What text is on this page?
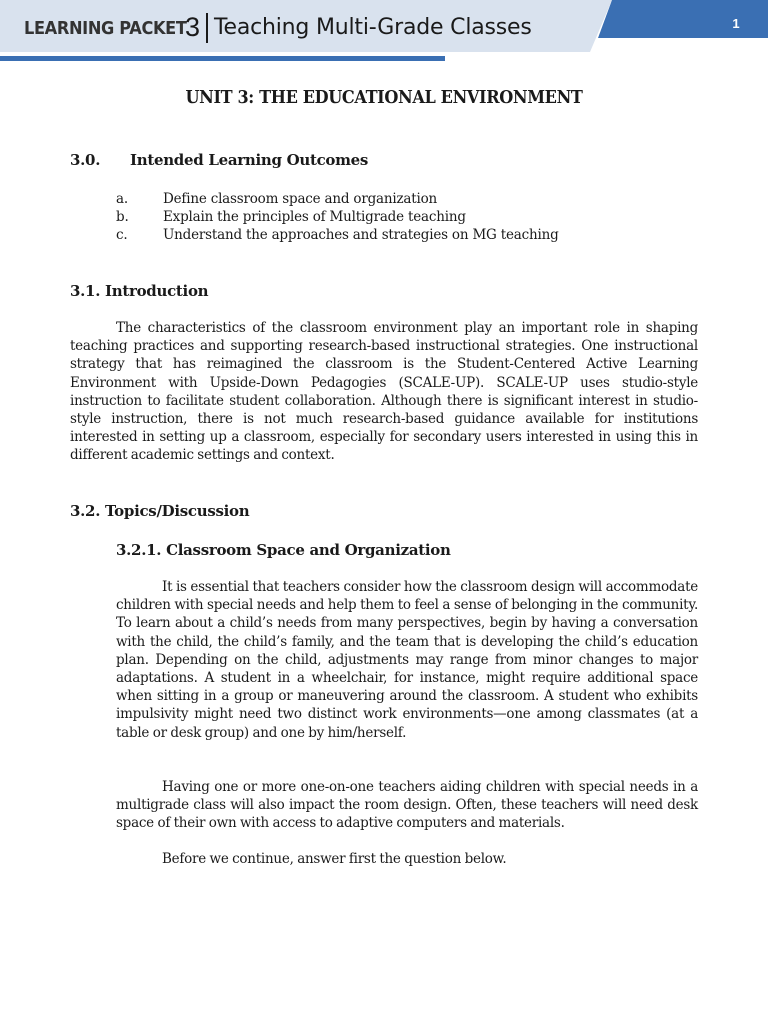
LEARNING PACKET
3 Teaching Multi-Grade Classes	1
UNIT 3: THE EDUCATIONAL ENVIRONMENT
3.0. Intended Learning Outcomes
a.	Define classroom space and organization
b.	Explain the principles of Multigrade teaching
c.	Understand the approaches and strategies on MG teaching
3.1. Introduction
The characteristics of the classroom environment play an important role in shaping teaching practices and supporting research-based instructional strategies. One instructional strategy that has reimagined the classroom is the Student-Centered Active Learning Environment with Upside-Down Pedagogies (SCALE-UP). SCALE-UP uses studio-style instruction to facilitate student collaboration. Although there is significant interest in studio-style instruction, there is not much research-based guidance available for institutions interested in setting up a classroom, especially for secondary users interested in using this in different academic settings and context.
3.2. Topics/Discussion
3.2.1. Classroom Space and Organization
It is essential that teachers consider how the classroom design will accommodate children with special needs and help them to feel a sense of belonging in the community. To learn about a child’s needs from many perspectives, begin by having a conversation with the child, the child’s family, and the team that is developing the child’s education plan. Depending on the child, adjustments may range from minor changes to major adaptations. A student in a wheelchair, for instance, might require additional space when sitting in a group or maneuvering around the classroom. A student who exhibits impulsivity might need two distinct work environments—one among classmates (at a table or desk group) and one by him/herself.
Having one or more one-on-one teachers aiding children with special needs in a multigrade class will also impact the room design. Often, these teachers will need desk space of their own with access to adaptive computers and materials.
Before we continue, answer first the question below.
